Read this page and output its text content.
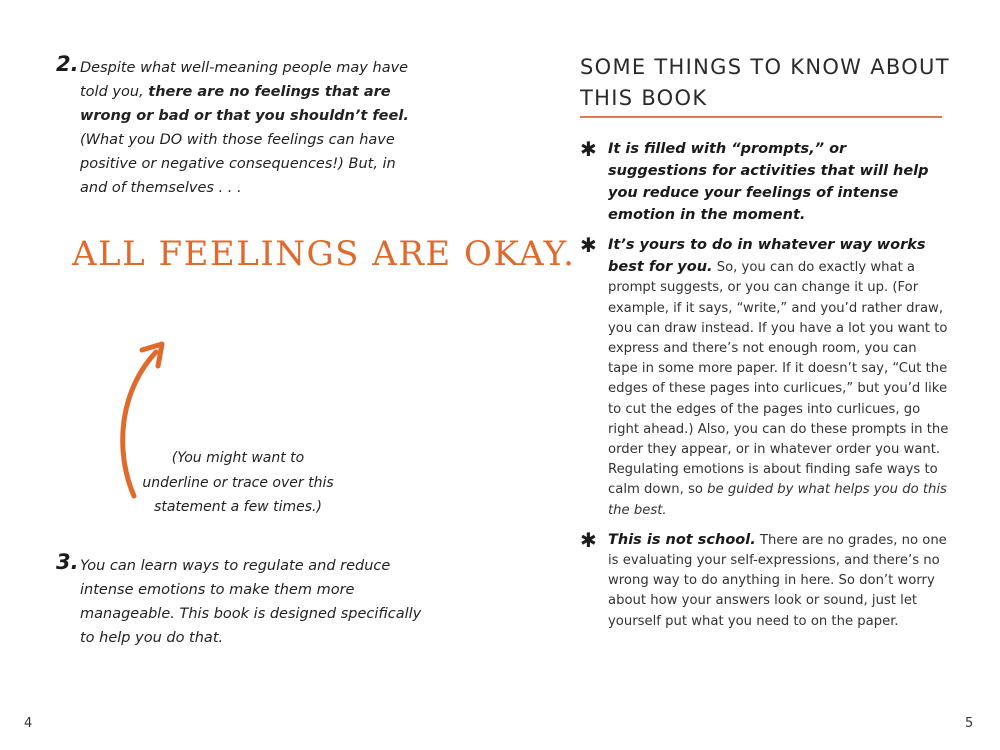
2. Despite what well-meaning people may have told you, there are no feelings that are wrong or bad or that you shouldn’t feel. (What you DO with those feelings can have positive or negative consequences!) But, in and of themselves . . .
ALL FEELINGS ARE OKAY.
(You might want to underline or trace over this statement a few times.)
3. You can learn ways to regulate and reduce intense emotions to make them more manageable. This book is designed specifically to help you do that.
4
SOME THINGS TO KNOW ABOUT THIS BOOK
✱ It is filled with “prompts,” or suggestions for activities that will help you reduce your feelings of intense emotion in the moment.

✱ It’s yours to do in whatever way works best for you. So, you can do exactly what a prompt suggests, or you can change it up. (For example, if it says, “write,” and you’d rather draw, you can draw instead. If you have a lot you want to express and there’s not enough room, you can tape in some more paper. If it doesn’t say, “Cut the edges of these pages into curlicues,” but you’d like to cut the edges of the pages into curlicues, go right ahead.) Also, you can do these prompts in the order they appear, or in whatever order you want. Regulating emotions is about finding safe ways to calm down, so be guided by what helps you do this the best.

✱ This is not school. There are no grades, no one is evaluating your self-expressions, and there’s no wrong way to do anything in here. So don’t worry about how your answers look or sound, just let yourself put what you need to on the paper.

5
